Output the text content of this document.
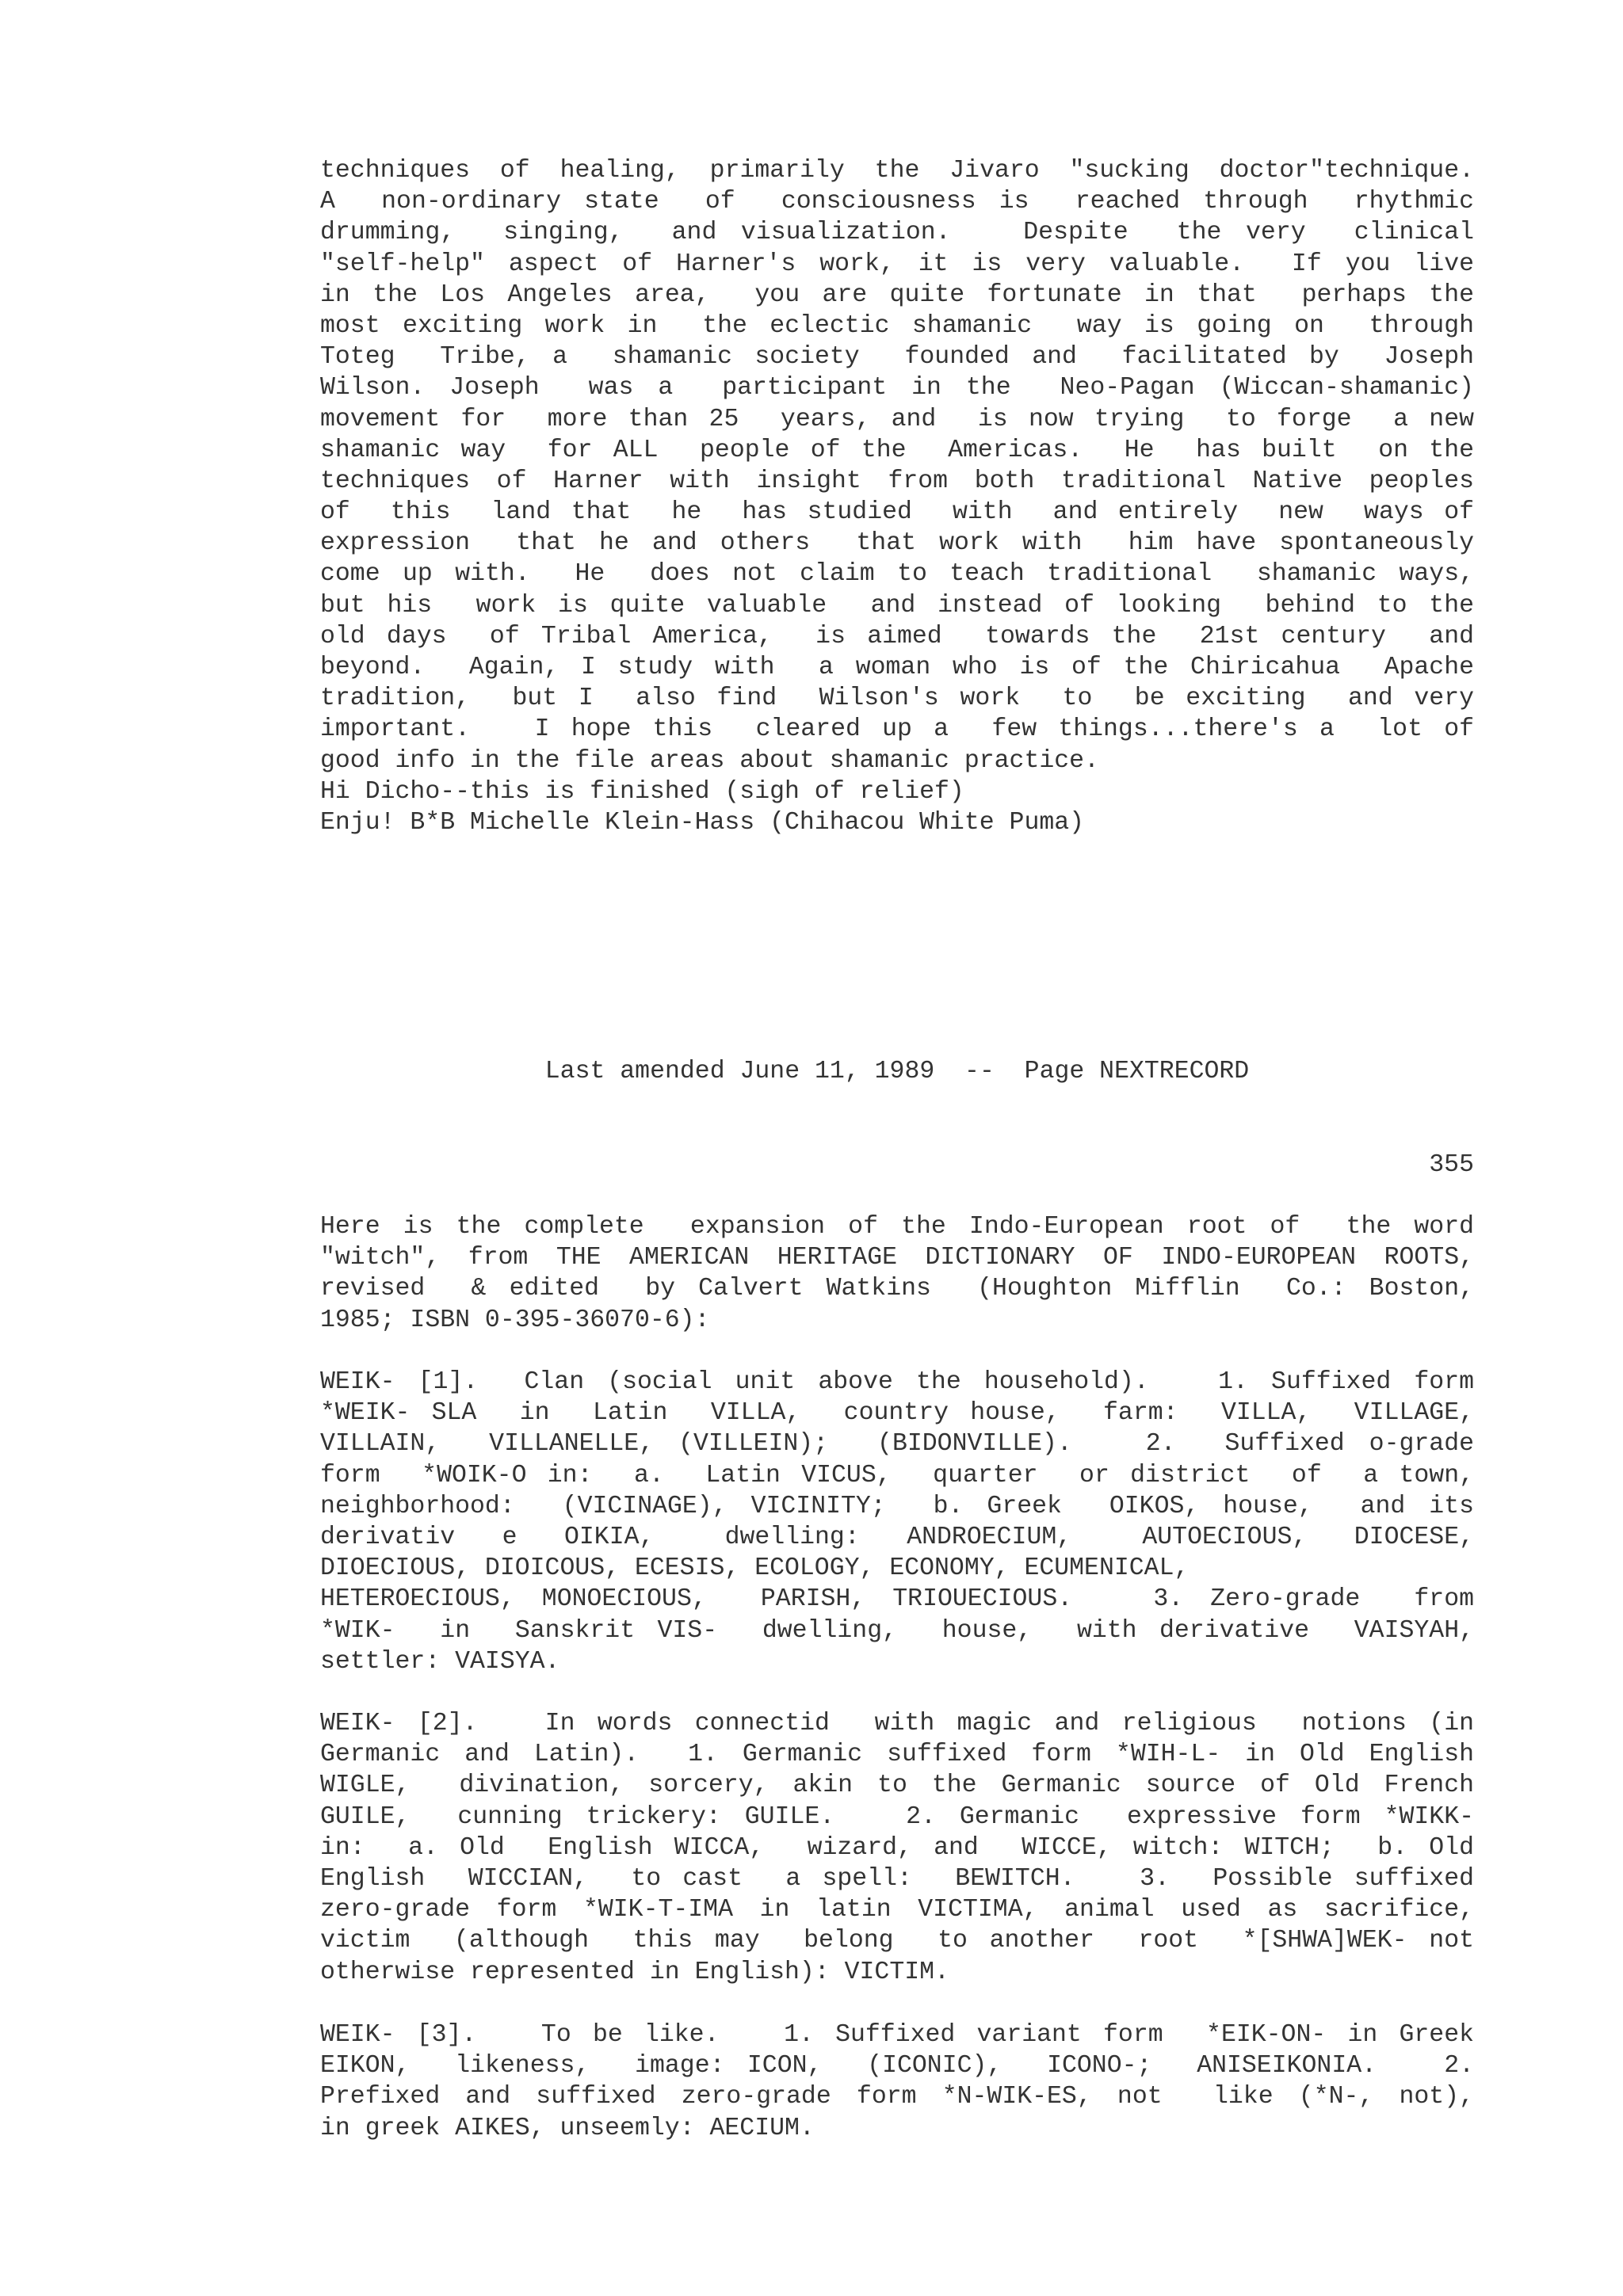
techniques of healing, primarily the Jivaro "sucking doctor"technique.
A  non-ordinary state  of  consciousness is  reached through  rhythmic
drumming,  singing,  and visualization.   Despite  the very  clinical
"self-help" aspect of Harner's work, it is very valuable.  If you live
in the Los Angeles area,  you are quite fortunate in that  perhaps the
most exciting work in  the eclectic shamanic  way is going on  through
Toteg  Tribe, a  shamanic society  founded and  facilitated by  Joseph
Wilson. Joseph  was a  participant in the  Neo-Pagan (Wiccan-shamanic)
movement for  more than 25  years, and  is now trying  to forge  a new
shamanic way  for ALL  people of the  Americas.  He  has built  on the
techniques of Harner with insight from both traditional Native peoples
of  this  land that  he  has studied  with  and entirely  new  ways of
expression  that he and others  that work with  him have spontaneously
come up with.  He  does not claim to teach traditional  shamanic ways,
but his  work is quite valuable  and instead of looking  behind to the
old days  of Tribal America,  is aimed  towards the  21st century  and
beyond.  Again, I study with  a woman who is of the Chiricahua  Apache
tradition,  but I  also find  Wilson's work  to  be exciting  and very
important.   I hope this  cleared up a  few things...there's a  lot of
good info in the file areas about shamanic practice.
Hi Dicho--this is finished (sigh of relief)
Enju! B*B Michelle Klein-Hass (Chihacou White Puma)
Last amended June 11, 1989  --  Page NEXTRECORD
355
Here is the complete  expansion of the Indo-European root of  the word
"witch", from THE AMERICAN HERITAGE DICTIONARY OF INDO-EUROPEAN ROOTS,
revised  & edited  by Calvert Watkins  (Houghton Mifflin  Co.: Boston,
1985; ISBN 0-395-36070-6):
WEIK- [1].  Clan (social unit above the household).   1. Suffixed form
*WEIK- SLA  in  Latin  VILLA,  country house,  farm:  VILLA,  VILLAGE,
VILLAIN,  VILLANELLE, (VILLEIN);  (BIDONVILLE).   2.  Suffixed o-grade
form  *WOIK-O in:  a.  Latin VICUS,  quarter  or district  of  a town,
neighborhood:  (VICINAGE), VICINITY;  b. Greek  OIKOS, house,  and its
derivativ  e  OIKIA,   dwelling:  ANDROECIUM,   AUTOECIOUS,  DIOCESE,
DIOECIOUS, DIOICOUS, ECESIS, ECOLOGY, ECONOMY, ECUMENICAL,
HETEROECIOUS, MONOECIOUS,  PARISH, TRIOUECIOUS.   3. Zero-grade  from
*WIK-  in  Sanskrit VIS-  dwelling,  house,  with derivative  VAISYAH,
settler: VAISYA.
WEIK- [2].   In words connectid  with magic and religious  notions (in
Germanic and Latin).  1. Germanic suffixed form *WIH-L- in Old English
WIGLE,  divination, sorcery, akin to the Germanic source of Old French
GUILE,  cunning trickery: GUILE.   2. Germanic  expressive form *WIKK-
in:  a. Old  English WICCA,  wizard, and  WICCE, witch: WITCH;  b. Old
English  WICCIAN,  to cast  a spell:  BEWITCH.   3.  Possible suffixed
zero-grade form *WIK-T-IMA in latin VICTIMA, animal used as sacrifice,
victim  (although  this may  belong  to another  root  *[SHWA]WEK- not
otherwise represented in English): VICTIM.
WEIK- [3].   To be like.   1. Suffixed variant form  *EIK-ON- in Greek
EIKON,  likeness,  image: ICON,  (ICONIC),  ICONO-;  ANISEIKONIA.   2.
Prefixed and suffixed zero-grade form *N-WIK-ES, not  like (*N-, not),
in greek AIKES, unseemly: AECIUM.
